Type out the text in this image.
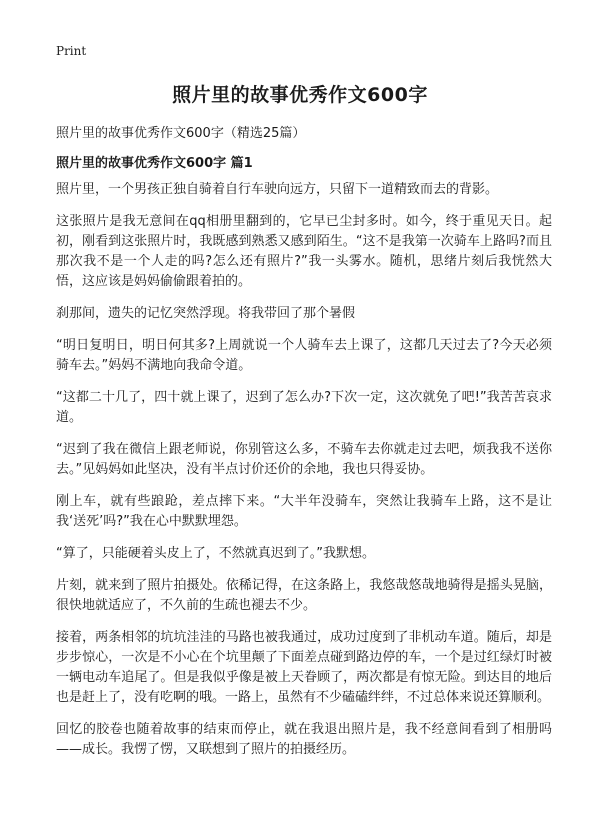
Print
照片里的故事优秀作文600字
照片里的故事优秀作文600字（精选25篇）
照片里的故事优秀作文600字 篇1

照片里，一个男孩正独自骑着自行车驶向远方，只留下一道精致而去的背影。

这张照片是我无意间在qq相册里翻到的，它早已尘封多时。如今，终于重见天日。起初，刚看到这张照片时，我既感到熟悉又感到陌生。“这不是我第一次骑车上路吗?而且那次我不是一个人走的吗?怎么还有照片?”我一头雾水。随机，思绪片刻后我恍然大悟，这应该是妈妈偷偷跟着拍的。

刹那间，遗失的记忆突然浮现。将我带回了那个暑假

“明日复明日，明日何其多?上周就说一个人骑车去上课了，这都几天过去了?今天必须骑车去。”妈妈不满地向我命令道。

“这都二十几了，四十就上课了，迟到了怎么办?下次一定，这次就免了吧!”我苦苦哀求道。

“迟到了我在微信上跟老师说，你别管这么多，不骑车去你就走过去吧，烦我我不送你去。”见妈妈如此坚决，没有半点讨价还价的余地，我也只得妥协。

刚上车，就有些踉跄，差点摔下来。“大半年没骑车，突然让我骑车上路，这不是让我‘送死’吗?”我在心中默默埋怨。

“算了，只能硬着头皮上了，不然就真迟到了。”我默想。

片刻，就来到了照片拍摄处。依稀记得，在这条路上，我悠哉悠哉地骑得是摇头晃脑，很快地就适应了，不久前的生疏也褪去不少。

接着，两条相邻的坑坑洼洼的马路也被我通过，成功过度到了非机动车道。随后，却是步步惊心，一次是不小心在个坑里颠了下面差点碰到路边停的车，一个是过红绿灯时被一辆电动车追尾了。但是我似乎像是被上天眷顾了，两次都是有惊无险。到达目的地后也是赶上了，没有吃啊的哦。一路上，虽然有不少磕磕绊绊，不过总体来说还算顺利。

回忆的胶卷也随着故事的结束而停止，就在我退出照片是，我不经意间看到了相册吗——成长。我愣了愣，又联想到了照片的拍摄经历。
